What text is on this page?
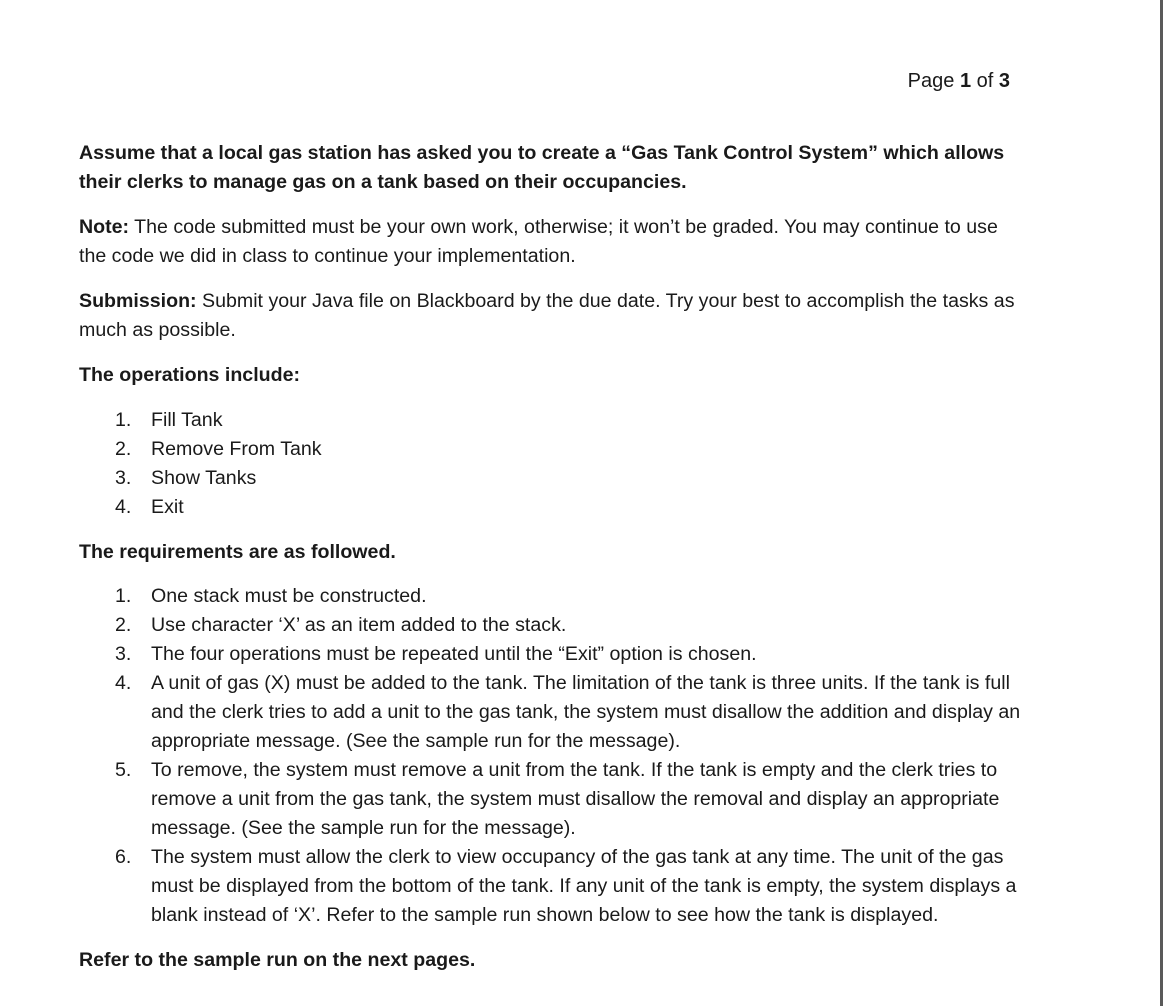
Page 1 of 3

Assume that a local gas station has asked you to create a “Gas Tank Control System” which allows their clerks to manage gas on a tank based on their occupancies.

Note: The code submitted must be your own work, otherwise; it won’t be graded. You may continue to use the code we did in class to continue your implementation.

Submission: Submit your Java file on Blackboard by the due date. Try your best to accomplish the tasks as much as possible.

The operations include:

1.	Fill Tank
2.	Remove From Tank
3.	Show Tanks
4.	Exit

The requirements are as followed.

1.	One stack must be constructed.
2.	Use character ‘X’ as an item added to the stack.
3.	The four operations must be repeated until the “Exit” option is chosen.
4.	A unit of gas (X) must be added to the tank. The limitation of the tank is three units. If the tank is full and the clerk tries to add a unit to the gas tank, the system must disallow the addition and display an appropriate message. (See the sample run for the message).
5.	To remove, the system must remove a unit from the tank. If the tank is empty and the clerk tries to remove a unit from the gas tank, the system must disallow the removal and display an appropriate message. (See the sample run for the message).
6.	The system must allow the clerk to view occupancy of the gas tank at any time. The unit of the gas must be displayed from the bottom of the tank. If any unit of the tank is empty, the system displays a blank instead of ‘X’. Refer to the sample run shown below to see how the tank is displayed.

Refer to the sample run on the next pages.
